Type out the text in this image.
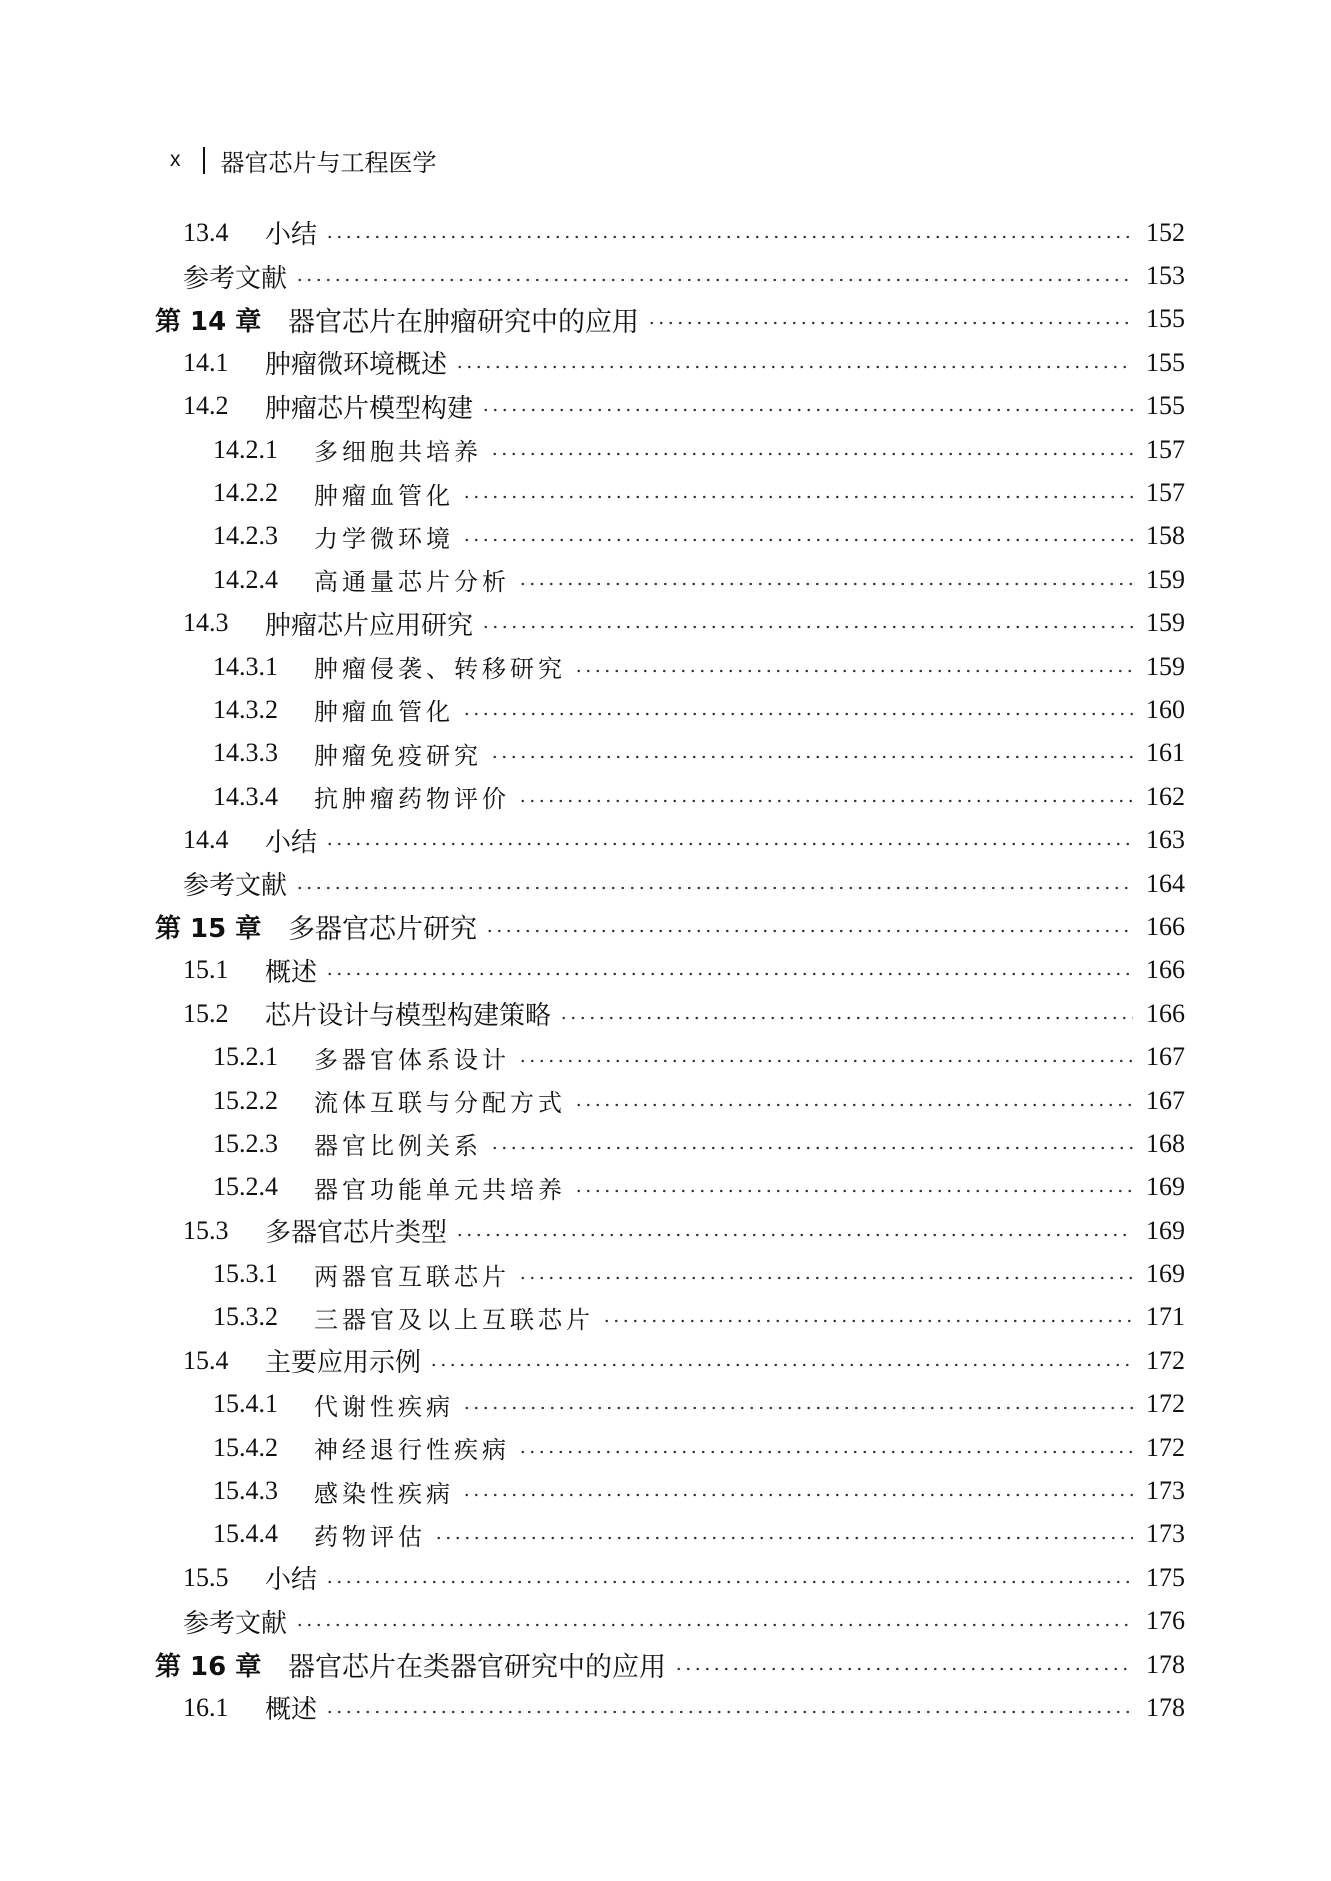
x 器官芯片与工程医学
13.4	小结	152
参考文献	153
第 14 章 器官芯片在肿瘤研究中的应用	155
14.1	肿瘤微环境概述	155
14.2	肿瘤芯片模型构建	155
14.2.1	多细胞共培养	157
14.2.2	肿瘤血管化	157
14.2.3	力学微环境	158
14.2.4	高通量芯片分析	159
14.3	肿瘤芯片应用研究	159
14.3.1	肿瘤侵袭、转移研究	159
14.3.2	肿瘤血管化	160
14.3.3	肿瘤免疫研究	161
14.3.4	抗肿瘤药物评价	162
14.4	小结	163
参考文献	164
第 15 章 多器官芯片研究	166
15.1	概述	166
15.2	芯片设计与模型构建策略	166
15.2.1	多器官体系设计	167
15.2.2	流体互联与分配方式	167
15.2.3	器官比例关系	168
15.2.4	器官功能单元共培养	169
15.3	多器官芯片类型	169
15.3.1	两器官互联芯片	169
15.3.2	三器官及以上互联芯片	171
15.4	主要应用示例	172
15.4.1	代谢性疾病	172
15.4.2	神经退行性疾病	172
15.4.3	感染性疾病	173
15.4.4	药物评估	173
15.5	小结	175
参考文献	176
第 16 章 器官芯片在类器官研究中的应用	178
16.1	概述	178
